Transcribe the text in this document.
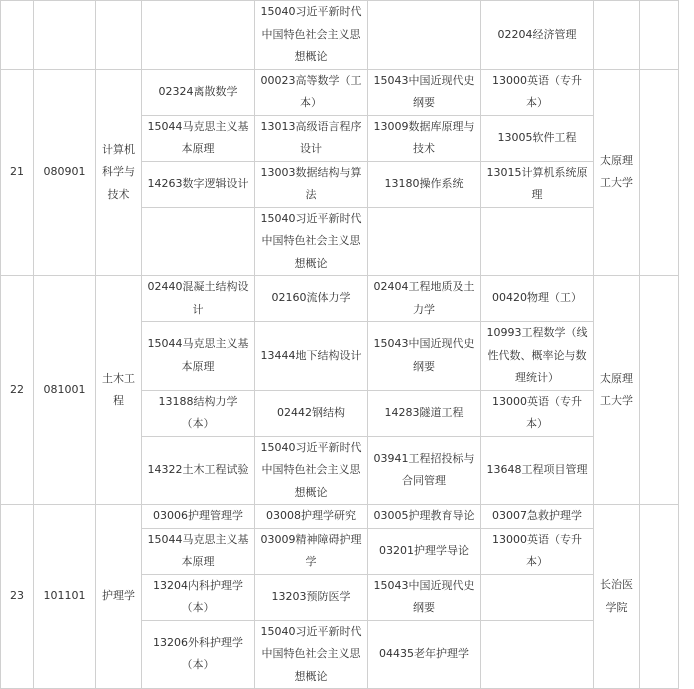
				15040习近平新时代中国特色社会主义思想概论		02204经济管理		
21	080901	计算机科学与技术	02324离散数学	00023高等数学（工本）	15043中国近现代史纲要	13000英语（专升本）	太原理工大学	
			15044马克思主义基本原理	13013高级语言程序设计	13009数据库原理与技术	13005软件工程		
			14263数字逻辑设计	13003数据结构与算法	13180操作系统	13015计算机系统原理		
				15040习近平新时代中国特色社会主义思想概论				
22	081001	土木工程	02440混凝土结构设计	02160流体力学	02404工程地质及土力学	00420物理（工）	太原理工大学	
			15044马克思主义基本原理	13444地下结构设计	15043中国近现代史纲要	10993工程数学（线性代数、概率论与数理统计）		
			13188结构力学（本）	02442钢结构	14283隧道工程	13000英语（专升本）		
			14322土木工程试验	15040习近平新时代中国特色社会主义思想概论	03941工程招投标与合同管理	13648工程项目管理		
23	101101	护理学	03006护理管理学	03008护理学研究	03005护理教育导论	03007急救护理学	长治医学院	
			15044马克思主义基本原理	03009精神障碍护理学	03201护理学导论	13000英语（专升本）		
			13204内科护理学（本）	13203预防医学	15043中国近现代史纲要			
			13206外科护理学（本）	15040习近平新时代中国特色社会主义思想概论	04435老年护理学			
